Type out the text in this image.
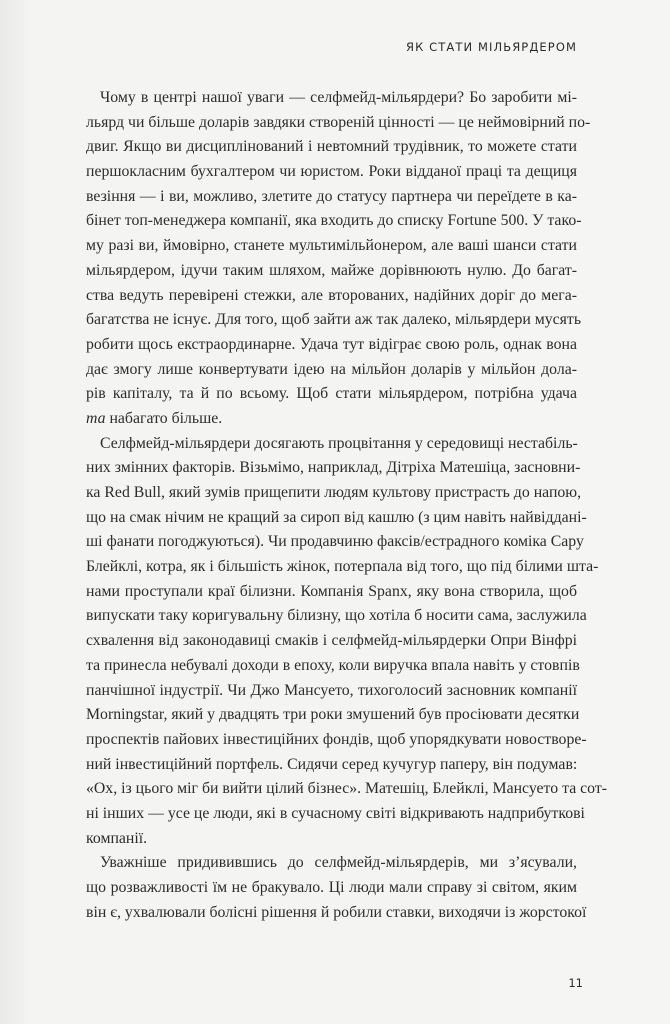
ЯК СТАТИ МІЛЬЯРДЕРОМ
Чому в центрі нашої уваги — селфмейд-мільярдери? Бо заробити мі-
льярд чи більше доларів завдяки створеній цінності — це неймовірний по-
двиг. Якщо ви дисциплінований і невтомний трудівник, то можете стати
першокласним бухгалтером чи юристом. Роки відданої праці та дещиця
везіння — і ви, можливо, злетите до статусу партнера чи переїдете в ка-
бінет топ-менеджера компанії, яка входить до списку Fortune 500. У тако-
му разі ви, ймовірно, станете мультимільйонером, але ваші шанси стати
мільярдером, ідучи таким шляхом, майже дорівнюють нулю. До багат-
ства ведуть перевірені стежки, але второваних, надійних доріг до мега-
багатства не існує. Для того, щоб зайти аж так далеко, мільярдери мусять
робити щось екстраординарне. Удача тут відіграє свою роль, однак вона
дає змогу лише конвертувати ідею на мільйон доларів у мільйон дола-
рів капіталу, та й по всьому. Щоб стати мільярдером, потрібна удача
та набагато більше.
Селфмейд-мільярдери досягають процвітання у середовищі нестабіль-
них змінних факторів. Візьмімо, наприклад, Дітріха Матешіца, засновни-
ка Red Bull, який зумів прищепити людям культову пристрасть до напою,
що на смак нічим не кращий за сироп від кашлю (з цим навіть найвіддані-
ші фанати погоджуються). Чи продавчиню факсів/естрадного коміка Сару
Блейклі, котра, як і більшість жінок, потерпала від того, що під білими шта-
нами проступали краї білизни. Компанія Spanx, яку вона створила, щоб
випускати таку коригувальну білизну, що хотіла б носити сама, заслужила
схвалення від законодавиці смаків і селфмейд-мільярдерки Опри Вінфрі
та принесла небувалі доходи в епоху, коли виручка впала навіть у стовпів
панчішної індустрії. Чи Джо Мансуето, тихоголосий засновник компанії
Morningstar, який у двадцять три роки змушений був просіювати десятки
проспектів пайових інвестиційних фондів, щоб упорядкувати новостворе-
ний інвестиційний портфель. Сидячи серед кучугур паперу, він подумав:
«Ох, із цього міг би вийти цілий бізнес». Матешіц, Блейклі, Мансуето та сот-
ні інших — усе це люди, які в сучасному світі відкривають надприбуткові
компанії.
Уважніше придивившись до селфмейд-мільярдерів, ми з’ясували,
що розважливості їм не бракувало. Ці люди мали справу зі світом, яким
він є, ухвалювали болісні рішення й робили ставки, виходячи із жорстокої
11
